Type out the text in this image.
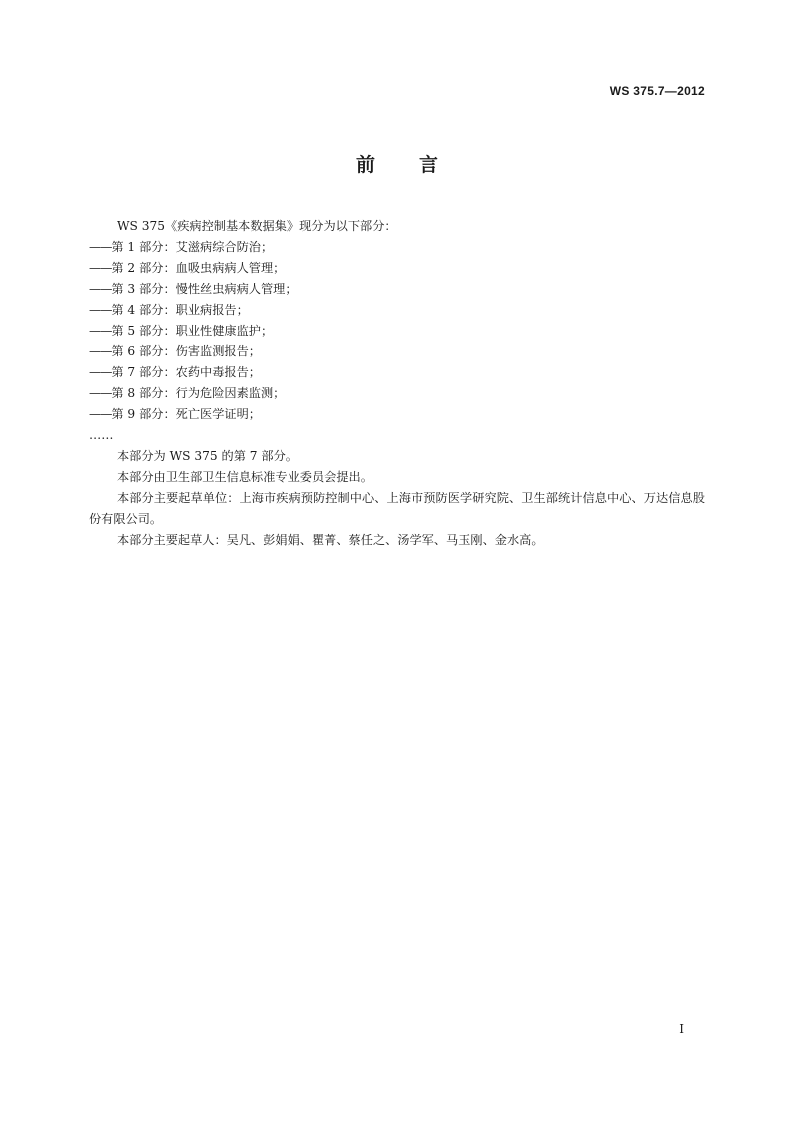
WS 375.7—2012
前 言

WS 375《疾病控制基本数据集》现分为以下部分：

——第 1 部分：艾滋病综合防治；

——第 2 部分：血吸虫病病人管理；

——第 3 部分：慢性丝虫病病人管理；

——第 4 部分：职业病报告；

——第 5 部分：职业性健康监护；

——第 6 部分：伤害监测报告；

——第 7 部分：农药中毒报告；

——第 8 部分：行为危险因素监测；

——第 9 部分：死亡医学证明；

……

本部分为 WS 375 的第 7 部分。

本部分由卫生部卫生信息标准专业委员会提出。

本部分主要起草单位：上海市疾病预防控制中心、上海市预防医学研究院、卫生部统计信息中心、万达信息股份有限公司。

本部分主要起草人：吴凡、彭娟娟、瞿菁、蔡任之、汤学军、马玉刚、金水高。

I
